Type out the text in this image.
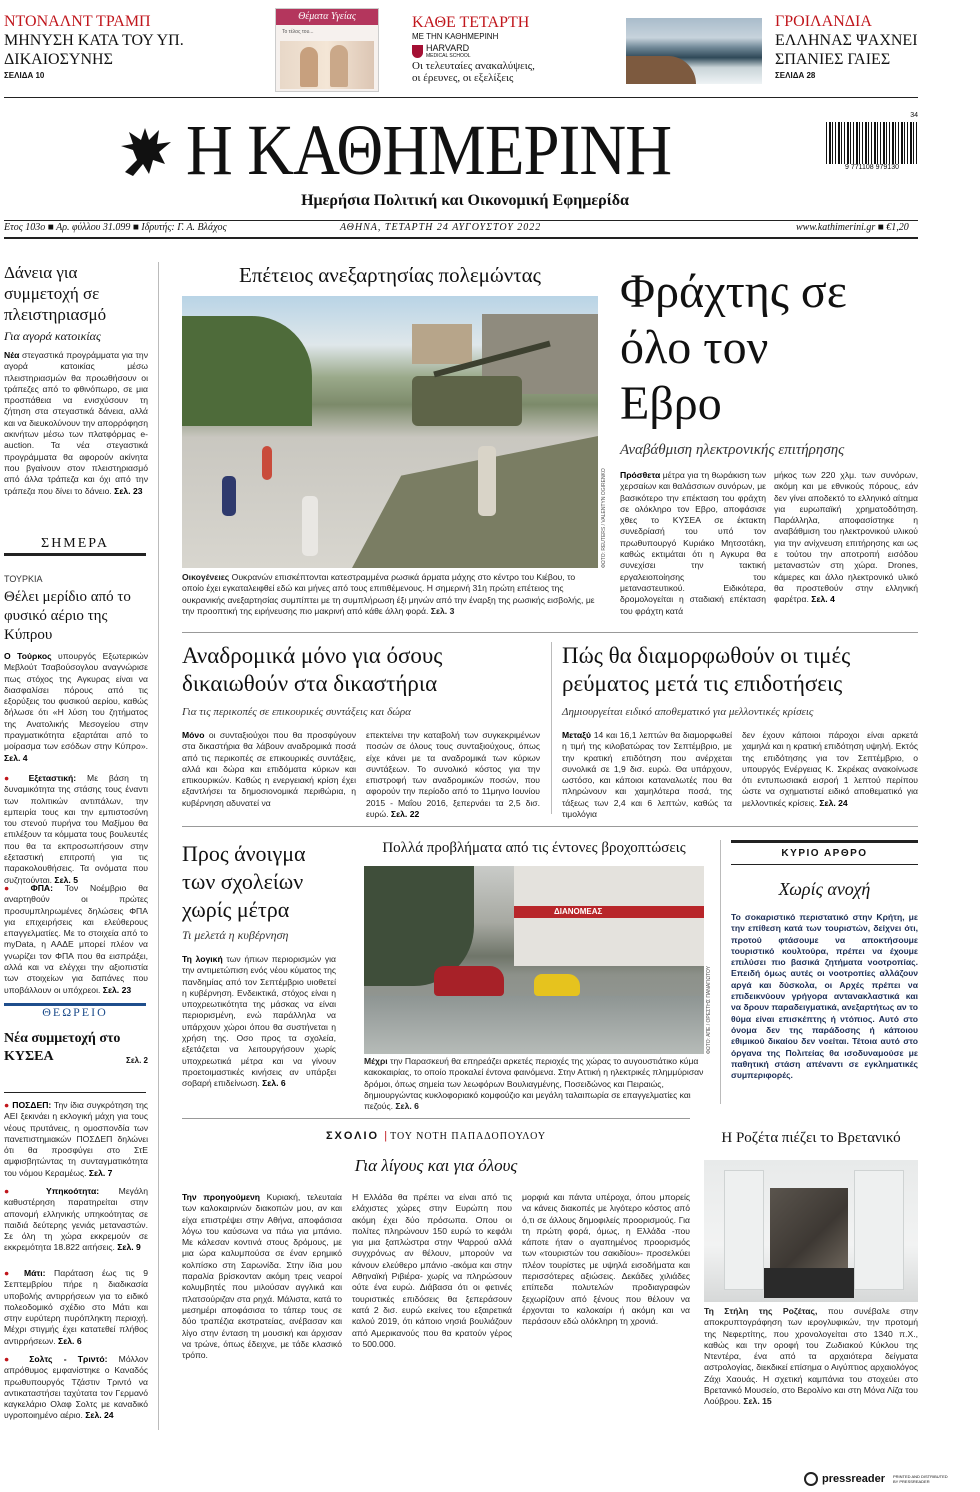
ΝΤΟΝΑΛΝΤ ΤΡΑΜΠ
ΜΗΝΥΣΗ ΚΑΤΑ ΤΟΥ ΥΠ. ΔΙΚΑΙΟΣΥΝΗΣ
ΣΕΛΙΔΑ 10
Θέματα Υγείας
Το τέλος του...
ΚΑΘΕ ΤΕΤΑΡΤΗ
ΜΕ ΤΗΝ ΚΑΘΗΜΕΡΙΝΗ
HARVARD
MEDICAL SCHOOL
Οι τελευταίες ανακαλύψεις, οι έρευνες, οι εξελίξεις
ΓΡΟΙΛΑΝΔΙΑ
ΕΛΛΗΝΑΣ ΨΑΧΝΕΙ ΣΠΑΝΙΕΣ ΓΑΙΕΣ
ΣΕΛΙΔΑ 28
Η ΚΑΘΗΜΕΡΙΝΗ
Ημερήσια Πολιτική και Οικονομική Εφημερίδα
9 771108 979130
34
Ετος 103ο ■ Αρ. φύλλου 31.099 ■ Ιδρυτής: Γ. Α. Βλάχος	ΑΘΗΝΑ, ΤΕΤΑΡΤΗ 24 ΑΥΓΟΥΣΤΟΥ 2022	www.kathimerini.gr ■ €1,20
Δάνεια για συμμετοχή σε πλειστηριασμό
Για αγορά κατοικίας
Νέα στεγαστικά προγράμματα για την αγορά κατοικίας μέσω πλειστηριασμών θα προωθήσουν οι τράπεζες από το φθινόπωρο, σε μια προσπάθεια να ενισχύσουν τη ζήτηση στα στεγαστικά δάνεια, αλλά και να διευκολύνουν την απορρόφηση ακινήτων μέσω των πλατφόρμας e-auction. Τα νέα στεγαστικά προγράμματα θα αφορούν ακίνητα που βγαίνουν στον πλειστηριασμό από άλλα τράπεζα και όχι από την τράπεζα που δίνει το δάνειο. Σελ. 23
ΣΗΜΕΡΑ
ΤΟΥΡΚΙΑ
Θέλει μερίδιο από το φυσικό αέριο της Κύπρου
Ο Τούρκος υπουργός Εξωτερικών Μεβλούτ Τσαβούσογλου αναγνώρισε πως στόχος της Αγκυρας είναι να διασφαλίσει πόρους από τις εξορύξεις του φυσικού αερίου, καθώς δήλωσε ότι «Η λύση του ζητήματος της Ανατολικής Μεσογείου στην πραγματικότητα εξαρτάται από το μοίρασμα των εσόδων στην Κύπρο». Σελ. 4
● Εξεταστική: Με βάση τη δυναμικότητα της στάσης τους έναντι των πολιτικών αντιπάλων, την εμπειρία τους και την εμπιστοσύνη του στενού πυρήνα του Μαξίμου θα επιλέξουν τα κόμματα τους βουλευτές που θα τα εκπροσωπήσουν στην εξεταστική επιτροπή για τις παρακολουθήσεις. Τα ονόματα που συζητούνται. Σελ. 5
● ΦΠΑ: Τον Νοέμβριο θα αναρτηθούν οι πρώτες προσυμπληρωμένες δηλώσεις ΦΠΑ για επιχειρήσεις και ελεύθερους επαγγελματίες. Με το στοιχεία από το myData, η ΑΑΔΕ μπορεί πλέον να γνωρίζει τον ΦΠΑ που θα εισπράξει, αλλά και να ελέγχει την αξιοπιστία των στοιχείων για δαπάνες που υποβάλλουν οι υπόχρεοι. Σελ. 23
ΘΕΩΡΕΙΟ
Νέα συμμετοχή στο ΚΥΣΕΑ	Σελ. 2
● ΠΟΣΔΕΠ: Την ίδια συγκρότηση της ΑΕΙ ξεκινάει η εκλογική μάχη για τους νέους πρυτάνεις, η ομοσπονδία των πανεπιστημιακών ΠΟΣΔΕΠ δηλώνει ότι θα προσφύγει στο ΣτΕ αμφισβητώντας τη συνταγματικότητα του νόμου Κεραμέως. Σελ. 7
● Υπηκοότητα: Μεγάλη καθυστέρηση παρατηρείται στην απονομή ελληνικής υπηκοότητας σε παιδιά δεύτερης γενιάς μεταναστών. Σε όλη τη χώρα εκκρεμούν σε εκκρεμότητα 18.822 αιτήσεις. Σελ. 9
● Μάτι: Παράταση έως τις 9 Σεπτεμβρίου πήρε η διαδικασία υποβολής αντιρρήσεων για το ειδικό πολεοδομικό σχέδιο στο Μάτι και στην ευρύτερη πυρόπληκτη περιοχή. Μέχρι στιγμής έχει κατατεθεί πλήθος αντιρρήσεων. Σελ. 6
● Σολτς - Τριντό: Μόλλον απρόθυμος εμφανίστηκε ο Καναδός πρωθυπουργός Τζάστιν Τριντό να αντικαταστήσει ταχύτατα τον Γερμανό καγκελάριο Ολαφ Σολτς με καναδικό υγροποιημένο αέριο. Σελ. 24
Επέτειος ανεξαρτησίας πολεμώντας
ΦΩΤΟ: REUTERS / VALENTYN OGIRENKO
Οικογένειες Ουκρανών επισκέπτονται κατεστραμμένα ρωσικά άρματα μάχης στο κέντρο του Κιέβου, το οποίο έχει εγκαταλειφθεί εδώ και μήνες από τους επιτιθέμενους. Η σημερινή 31η πρώτη επέτειος της ουκρανικής ανεξαρτησίας συμπίπτει με τη συμπλήρωση έξι μηνών από την έναρξη της ρωσικής εισβολής, με την προοπτική της ειρήνευσης πιο μακρινή από κάθε άλλη φορά. Σελ. 3
Φράχτης σε όλο τον Εβρο
Αναβάθμιση ηλεκτρονικής επιτήρησης
Πρόσθετα μέτρα για τη θωράκιση των χερσαίων και θαλάσσιων συνόρων, με βασικότερο την επέκταση του φράχτη σε ολόκληρο τον Εβρο, αποφάσισε χθες το ΚΥΣΕΑ σε έκτακτη συνεδρίασή του υπό τον πρωθυπουργό Κυριάκο Μητσοτάκη, καθώς εκτιμάται ότι η Αγκυρα θα συνεχίσει την τακτική εργαλειοποίησης του μεταναστευτικού. Ειδικότερα, δρομολογείται η σταδιακή επέκταση του φράχτη κατά
μήκος των 220 χλμ. των συνόρων, ακόμη και με εθνικούς πόρους, εάν δεν γίνει αποδεκτό το ελληνικό αίτημα για ευρωπαϊκή χρηματοδότηση. Παράλληλα, αποφασίστηκε η αναβάθμιση του ηλεκτρονικού υλικού για την ανίχνευση επιτήρησης και ως ε τούτου την αποτροπή εισόδου μεταναστών στη χώρα. Drones, κάμερες και άλλο ηλεκτρονικό υλικό θα προστεθούν στην ελληνική φαρέτρα. Σελ. 4
Αναδρομικά μόνο για όσους δικαιωθούν στα δικαστήρια
Για τις περικοπές σε επικουρικές συντάξεις και δώρα
Μόνο οι συνταξιούχοι που θα προσφύγουν στα δικαστήρια θα λάβουν αναδρομικά ποσά από τις περικοπές σε επικουρικές συντάξεις, αλλά και δώρα και επιδόματα κύριων και επικουρικών. Καθώς η ενεργειακή κρίση έχει εξαντλήσει τα δημοσιονομικά περιθώρια, η κυβέρνηση αδυνατεί να
επεκτείνει την καταβολή των συγκεκριμένων ποσών σε όλους τους συνταξιούχους, όπως είχε κάνει με τα αναδρομικά των κύριων συντάξεων. Το συνολικό κόστος για την επιστροφή των αναδρομικών ποσών, που αφορούν την περίοδο από το 11μηνο Ιουνίου 2015 - Μαΐου 2016, ξεπερνάει τα 2,5 δισ. ευρώ. Σελ. 22
Πώς θα διαμορφωθούν οι τιμές ρεύματος μετά τις επιδοτήσεις
Δημιουργείται ειδικό αποθεματικό για μελλοντικές κρίσεις
Μεταξύ 14 και 16,1 λεπτών θα διαμορφωθεί η τιμή της κιλοβατώρας τον Σεπτέμβριο, με την κρατική επιδότηση που ανέρχεται συνολικά σε 1,9 δισ. ευρώ. Θα υπάρχουν, ωστόσο, και κάποιοι καταναλωτές που θα πληρώνουν και χαμηλότερα ποσά, της τάξεως των 2,4 και 6 λεπτών, καθώς τα τιμολόγια
δεν έχουν κάποιοι πάροχοι είναι αρκετά χαμηλά και η κρατική επιδότηση υψηλή. Εκτός της επιδότησης για τον Σεπτέμβριο, ο υπουργός Ενέργειας Κ. Σκρέκας ανακοίνωσε ότι εντυπωσιακά εισροή 1 λεπτού περίπου ώστε να σχηματιστεί ειδικό αποθεματικό για μελλοντικές κρίσεις. Σελ. 24
Προς άνοιγμα των σχολείων χωρίς μέτρα
Τι μελετά η κυβέρνηση
Τη λογική των ήπιων περιορισμών για την αντιμετώπιση ενός νέου κύματος της πανδημίας από τον Σεπτέμβριο υιοθετεί η κυβέρνηση. Ενδεικτικά, στόχος είναι η υποχρεωτικότητα της μάσκας να είναι περιορισμένη, ενώ παράλληλα να υπάρχουν χώροι όπου θα συστήνεται η χρήση της. Οσο προς τα σχολεία, εξετάζεται να λειτουργήσουν χωρίς υποχρεωτικά μέτρα και να γίνουν προετοιμαστικές κινήσεις αν υπάρξει σοβαρή επιδείνωση. Σελ. 6
Πολλά προβλήματα από τις έντονες βροχοπτώσεις
ΔΙΑΝΟΜΕΑΣ
ΦΩΤΟ: ΑΠΕ / ΟΡΕΣΤΗΣ ΠΑΝΑΓΙΩΤΟΥ
Μέχρι την Παρασκευή θα επηρεάζει αρκετές περιοχές της χώρας το αυγουστιάτικο κύμα κακοκαιρίας, το οποίο προκαλεί έντονα φαινόμενα. Στην Αττική η ηλεκτρικές πλημμύρισαν δρόμοι, όπως σημεία των λεωφόρων Βουλιαγμένης, Ποσειδώνος και Πειραιώς, δημιουργώντας κυκλοφοριακό κομφούζιο και μεγάλη ταλαιπωρία σε επαγγελματίες και πεζούς. Σελ. 6
ΚΥΡΙΟ ΑΡΘΡΟ
Χωρίς ανοχή
Το σοκαριστικό περιστατικό στην Κρήτη, με την επίθεση κατά των τουριστών, δείχνει ότι, προτού φτάσουμε να αποκτήσουμε τουριστικό κουλτούρα, πρέπει να έχουμε επιλύσει πιο βασικά ζητήματα νοοτροπίας. Επειδή όμως αυτές οι νοοτροπίες αλλάζουν αργά και δύσκολα, οι Αρχές πρέπει να επιδεικνύουν γρήγορα αντανακλαστικά και να δρουν παραδειγματικά, ανεξαρτήτως αν το θύμα είναι επισκέπτης ή ντόπιος. Αυτό στο όνομα δεν της παράδοσης ή κάποιου εθιμικού δικαίου δεν νοείται. Τέτοια αυτό στο όργανα της Πολιτείας θα ισοδυναμούσε με παθητική στάση απέναντι σε εγκληματικές συμπεριφορές.
ΣΧΟΛΙΟ | ΤΟΥ ΝΟΤΗ ΠΑΠΑΔΟΠΟΥΛΟΥ
Για λίγους και για όλους
Την προηγούμενη Κυριακή, τελευταία των καλοκαιρινών διακοπών μου, αν και είχα επιστρέψει στην Αθήνα, αποφάσισα λόγω του καύσωνα να πάω για μπάνιο. Με κάλεσαν κοντινά στους δρόμους, με μια ώρα καλυμπούσα σε έναν ερημικό κολπίσκο στη Σαρωνίδα. Στην ίδια μου παραλία βρίσκονταν ακόμη τρεις νεαροί κολυμβητές που μιλούσαν αγγλικά και πλατσούριζαν στα ρηχά. Μάλιστα, κατά το μεσημέρι αποφάσισα το τάπερ τους σε δύο τραπέζια εκστρατείας, ανέβασαν και λίγο στην ένταση τη μουσική και άρχισαν να τρώνε, όπως έδειχνε, με τάδε κλασικό τρόπο.
Η Ελλάδα θα πρέπει να είναι από τις ελάχιστες χώρες στην Ευρώπη που ακόμη έχει δύο πρόσωπα. Οπου οι πολίτες πληρώνουν 150 ευρώ το κεφάλι για μια ξαπλώστρα στην Ψαρρού αλλά συγχρόνως αν θέλουν, μπορούν να κάνουν ελεύθερο μπάνιο -ακόμα και στην Αθηναϊκή Ριβιέρα- χωρίς να πληρώσουν ούτε ένα ευρώ. Διάβασα ότι οι φετινές τουριστικές επιδόσεις θα ξεπεράσουν κατά 2 δισ. ευρώ εκείνες του εξαιρετικά καλού 2019, ότι κάποιο νησιά βουλιάζουν από Αμερικανούς που θα κρατούν γέρος το 500.000.
μορφιά και πάντα υπέροχα, όπου μπορείς να κάνεις διακοπές με λιγότερο κόστος από ό,τι σε άλλους δημοφιλείς προορισμούς. Για τη πρώτη φορά, όμως, η Ελλάδα -που κάποτε ήταν ο αγαπημένος προορισμός των «τουριστών του σακιδίου»- προσελκύει πλέον τουρίστες με υψηλά εισοδήματα και περισσότερες αξιώσεις. Δεκάδες χιλιάδες επίπεδα πολυτελών προδιαγραφών ξεχωρίζουν από ξένους που θέλουν να έρχονται το καλοκαίρι ή ακόμη και να περάσουν εδώ ολόκληρη τη χρονιά.
Η Ροζέτα πιέζει το Βρετανικό
Τη Στήλη της Ροζέτας, που συνέβαλε στην αποκρυπτογράφηση των ιερογλυφικών, την προτομή της Νεφερτίτης, που χρονολογείται στο 1340 π.Χ., καθώς και την οροφή του Ζωδιακού Κύκλου της Ντεντέρα, ένα από τα αρχαιότερα δείγματα αστρολογίας, διεκδικεί επίσημα ο Αιγύπτιος αρχαιολόγος Ζάχι Χαουάς. Η σχετική καμπάνια του στοχεύει στο Βρετανικό Μουσείο, στο Βερολίνο και στη Μόνα Λίζα του Λούβρου. Σελ. 15
pressreader PRINTED AND DISTRIBUTED BY PRESSREADER
